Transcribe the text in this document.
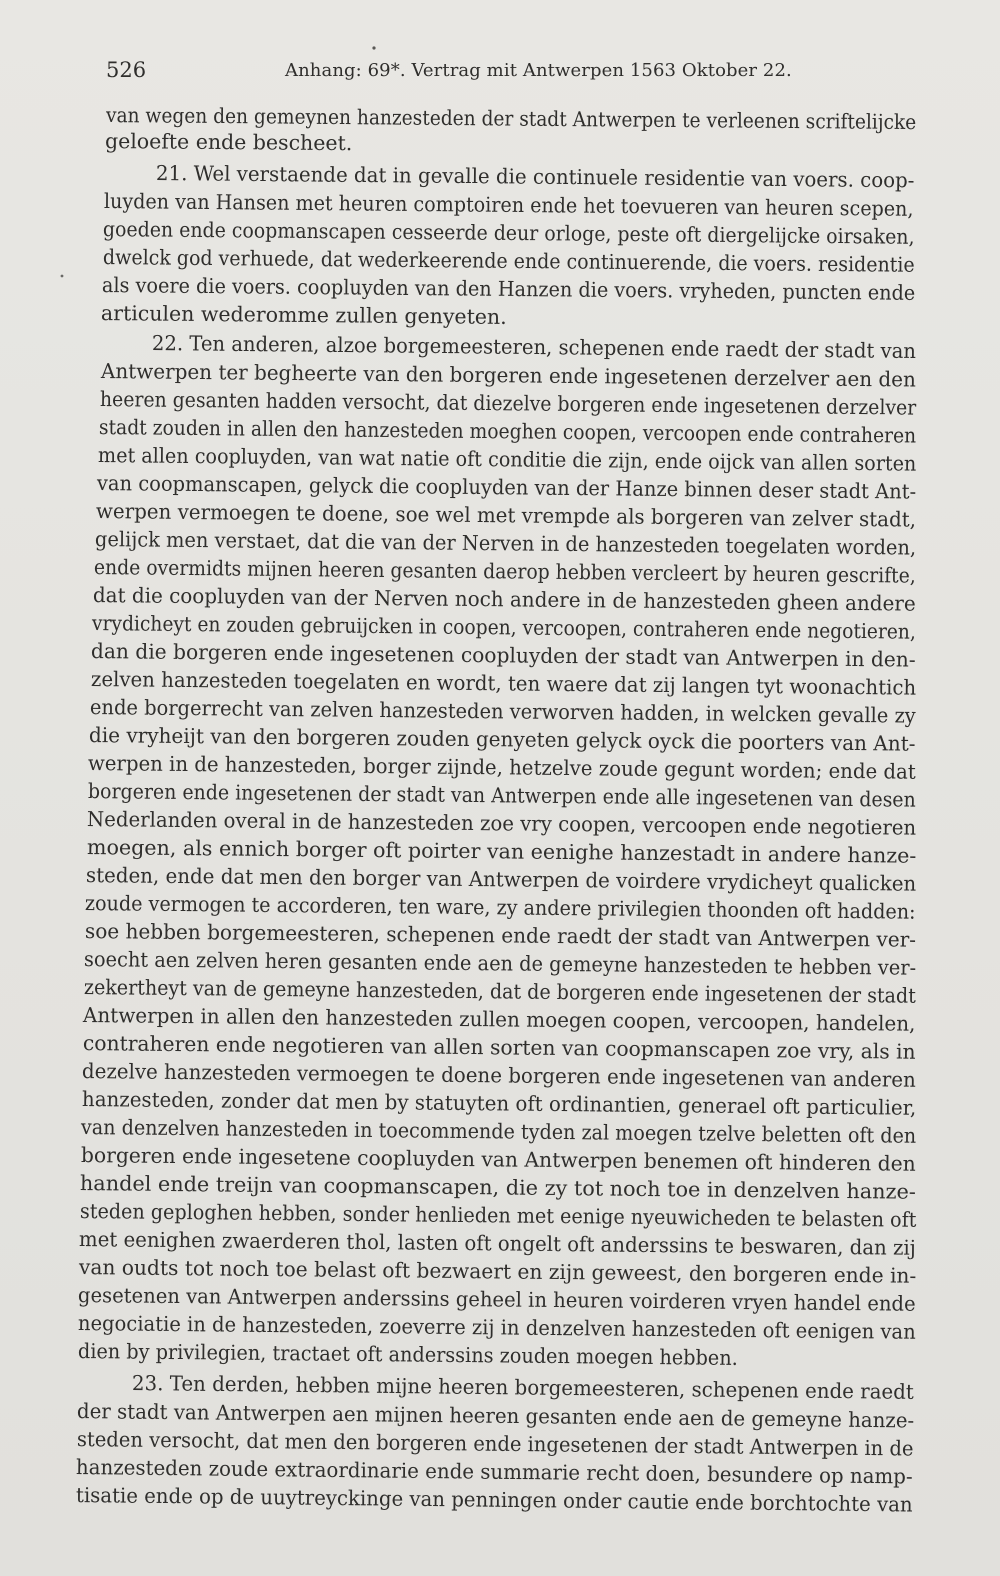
526	Anhang: 69*. Vertrag mit Antwerpen 1563 Oktober 22.
van wegen den gemeynen hanzesteden der stadt Antwerpen te verleenen scriftelijcke
geloefte ende bescheet.
21. Wel verstaende dat in gevalle die continuele residentie van voers. coop-
luyden van Hansen met heuren comptoiren ende het toevueren van heuren scepen,
goeden ende coopmanscapen cesseerde deur orloge, peste oft diergelijcke oirsaken,
dwelck god verhuede, dat wederkeerende ende continuerende, die voers. residentie
als voere die voers. coopluyden van den Hanzen die voers. vryheden, puncten ende
articulen wederomme zullen genyeten.
22. Ten anderen, alzoe borgemeesteren, schepenen ende raedt der stadt van
Antwerpen ter begheerte van den borgeren ende ingesetenen derzelver aen den
heeren gesanten hadden versocht, dat diezelve borgeren ende ingesetenen derzelver
stadt zouden in allen den hanzesteden moeghen coopen, vercoopen ende contraheren
met allen coopluyden, van wat natie oft conditie die zijn, ende oijck van allen sorten
van coopmanscapen, gelyck die coopluyden van der Hanze binnen deser stadt Ant-
werpen vermoegen te doene, soe wel met vrempde als borgeren van zelver stadt,
gelijck men verstaet, dat die van der Nerven in de hanzesteden toegelaten worden,
ende overmidts mijnen heeren gesanten daerop hebben vercleert by heuren gescrifte,
dat die coopluyden van der Nerven noch andere in de hanzesteden gheen andere
vrydicheyt en zouden gebruijcken in coopen, vercoopen, contraheren ende negotieren,
dan die borgeren ende ingesetenen coopluyden der stadt van Antwerpen in den-
zelven hanzesteden toegelaten en wordt, ten waere dat zij langen tyt woonachtich
ende borgerrecht van zelven hanzesteden verworven hadden, in welcken gevalle zy
die vryheijt van den borgeren zouden genyeten gelyck oyck die poorters van Ant-
werpen in de hanzesteden, borger zijnde, hetzelve zoude gegunt worden; ende dat
borgeren ende ingesetenen der stadt van Antwerpen ende alle ingesetenen van desen
Nederlanden overal in de hanzesteden zoe vry coopen, vercoopen ende negotieren
moegen, als ennich borger oft poirter van eenighe hanzestadt in andere hanze-
steden, ende dat men den borger van Antwerpen de voirdere vrydicheyt qualicken
zoude vermogen te accorderen, ten ware, zy andere privilegien thoonden oft hadden:
soe hebben borgemeesteren, schepenen ende raedt der stadt van Antwerpen ver-
soecht aen zelven heren gesanten ende aen de gemeyne hanzesteden te hebben ver-
zekertheyt van de gemeyne hanzesteden, dat de borgeren ende ingesetenen der stadt
Antwerpen in allen den hanzesteden zullen moegen coopen, vercoopen, handelen,
contraheren ende negotieren van allen sorten van coopmanscapen zoe vry, als in
dezelve hanzesteden vermoegen te doene borgeren ende ingesetenen van anderen
hanzesteden, zonder dat men by statuyten oft ordinantien, generael oft particulier,
van denzelven hanzesteden in toecommende tyden zal moegen tzelve beletten oft den
borgeren ende ingesetene coopluyden van Antwerpen benemen oft hinderen den
handel ende treijn van coopmanscapen, die zy tot noch toe in denzelven hanze-
steden geploghen hebben, sonder henlieden met eenige nyeuwicheden te belasten oft
met eenighen zwaerderen thol, lasten oft ongelt oft anderssins te beswaren, dan zij
van oudts tot noch toe belast oft bezwaert en zijn geweest, den borgeren ende in-
gesetenen van Antwerpen anderssins geheel in heuren voirderen vryen handel ende
negociatie in de hanzesteden, zoeverre zij in denzelven hanzesteden oft eenigen van
dien by privilegien, tractaet oft anderssins zouden moegen hebben.
23. Ten derden, hebben mijne heeren borgemeesteren, schepenen ende raedt
der stadt van Antwerpen aen mijnen heeren gesanten ende aen de gemeyne hanze-
steden versocht, dat men den borgeren ende ingesetenen der stadt Antwerpen in de
hanzesteden zoude extraordinarie ende summarie recht doen, besundere op namp-
tisatie ende op de uuytreyckinge van penningen onder cautie ende borchtochte van
